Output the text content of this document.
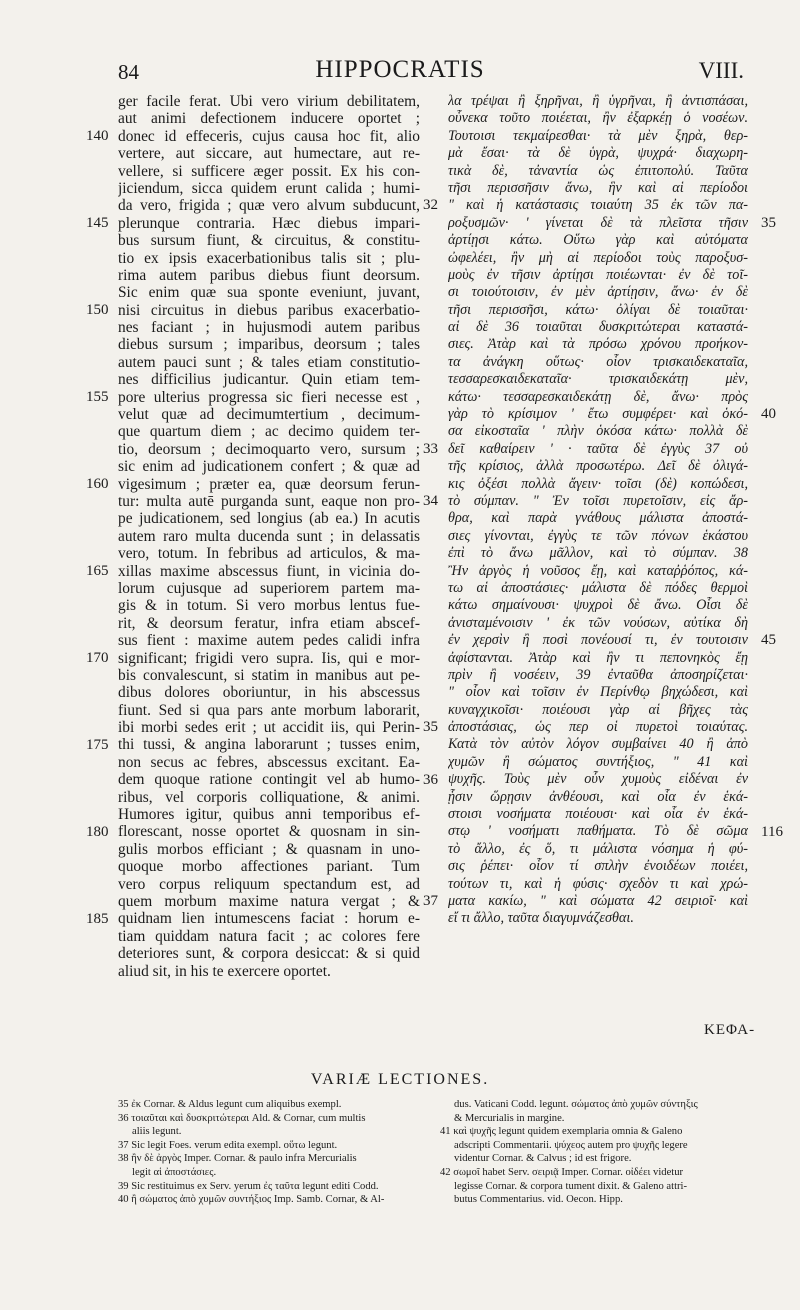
84	HIPPOCRATIS	VIII.
ger facile ferat. Ubi vero virium debilitatem,
aut animi defectionem inducere oportet ;
donec id effeceris, cujus causa hoc fit, alio
vertere, aut siccare, aut humectare, aut re-
vellere, si sufficere æger possit. Ex his con-
jiciendum, sicca quidem erunt calida ; humi-
da vero, frigida ; quæ vero alvum subducunt,
plerunque contraria. Hæc diebus impari-
bus sursum fiunt, & circuitus, & constitu-
tio ex ipsis exacerbationibus talis sit ; plu-
rima autem paribus diebus fiunt deorsum.
Sic enim quæ sua sponte eveniunt, juvant,
nisi circuitus in diebus paribus exacerbatio-
nes faciant ; in hujusmodi autem paribus
diebus sursum ; imparibus, deorsum ; tales
autem pauci sunt ; & tales etiam constitutio-
nes difficilius judicantur. Quin etiam tem-
pore ulterius progressa sic fieri necesse est ,
velut quæ ad decimumtertium , decimum-
que quartum diem ; ac decimo quidem ter-
tio, deorsum ; decimoquarto vero, sursum ;
sic enim ad judicationem confert ; & quæ ad
vigesimum ; præter ea, quæ deorsum ferun-
tur: multa autē purganda sunt, eaque non pro-
pe judicationem, sed longius (ab ea.) In acutis
autem raro multa ducenda sunt ; in delassatis
vero, totum. In febribus ad articulos, & ma-
xillas maxime abscessus fiunt, in vicinia do-
lorum cujusque ad superiorem partem ma-
gis & in totum. Si vero morbus lentus fue-
rit, & deorsum feratur, infra etiam abscef-
sus fient : maxime autem pedes calidi infra
significant; frigidi vero supra. Iis, qui e mor-
bis convalescunt, si statim in manibus aut pe-
dibus dolores oboriuntur, in his abscessus
fiunt. Sed si qua pars ante morbum laborarit,
ibi morbi sedes erit ; ut accidit iis, qui Perin-
thi tussi, & angina laborarunt ; tusses enim,
non secus ac febres, abscessus excitant. Ea-
dem quoque ratione contingit vel ab humo-
ribus, vel corporis colliquatione, & animi.
Humores igitur, quibus anni temporibus ef-
florescant, nosse oportet & quosnam in sin-
gulis morbos efficiant ; & quasnam in uno-
quoque morbo affectiones pariant. Tum
vero corpus reliquum spectandum est, ad
quem morbum maxime natura vergat ; &
quidnam lien intumescens faciat : horum e-
tiam quiddam natura facit ; ac colores fere
deteriores sunt, & corpora desiccat: & si quid
aliud sit, in his te exercere oportet.
140
145
150
155
160
165
170
175
180
185
λα τρέψαι ἢ ξηρῆναι, ἢ ὑγρῆναι, ἢ ἀντισπάσαι,
οὗνεκα τοῦτο ποιέεται, ἢν ἐξαρκέῃ ὁ νοσέων.
Τουτοισι τεκμαίρεσθαι· τὰ μὲν ξηρὰ, θερ-
μὰ ἔσαι· τὰ δὲ ὑγρὰ, ψυχρά· διαχωρη-
τικὰ δὲ, τἀναντία ὡς ἐπιτοπολύ. Ταῦτα
τῆσι περισσῆσιν ἄνω, ἣν καὶ αἱ περίοδοι
" καὶ ἡ κατάστασις τοιαύτη 35 ἐκ τῶν πα-
ροξυσμῶν· ' γίνεται δὲ τὰ πλεῖστα τῆσιν
ἀρτίῃσι κάτω. Οὕτω γὰρ καὶ αὐτόματα
ὠφελέει, ἢν μὴ αἱ περίοδοι τοὺς παροξυσ-
μοὺς ἐν τῆσιν ἀρτίῃσι ποιέωνται· ἐν δὲ τοῖ-
σι τοιούτοισιν, ἐν μὲν ἀρτίῃσιν, ἄνω· ἐν δὲ
τῆσι περισσῆσι, κάτω· ὀλίγαι δὲ τοιαῦται·
αἱ δὲ 36 τοιαῦται δυσκριτώτεραι καταστά-
σιες. Ἀτὰρ καὶ τὰ πρόσω χρόνου προήκον-
τα ἀνάγκη οὕτως· οἷον τρισκαιδεκαταῖα,
τεσσαρεσκαιδεκαταῖα· τρισκαιδεκάτῃ μὲν,
κάτω· τεσσαρεσκαιδεκάτῃ δὲ, ἄνω· πρὸς
γὰρ τὸ κρίσιμον ' ἔτω συμφέρει· καὶ ὁκό-
σα εἰκοσταῖα ' πλὴν ὁκόσα κάτω· πολλὰ δὲ
δεῖ καθαίρειν ' · ταῦτα δὲ ἐγγὺς 37 οὐ
τῆς κρίσιος, ἀλλὰ προσωτέρω. Δεῖ δὲ ὀλιγά-
κις ὀξέσι πολλὰ ἄγειν· τοῖσι (δὲ) κοπώδεσι,
τὸ σύμπαν. " Ἐν τοῖσι πυρετοῖσιν, εἰς ἄρ-
θρα, καὶ παρὰ γνάθους μάλιστα ἀποστά-
σιες γίνονται, ἐγγὺς τε τῶν πόνων ἑκάστου
ἐπὶ τὸ ἄνω μᾶλλον, καὶ τὸ σύμπαν. 38
Ἢν ἀργὸς ἡ νοῦσος ἔῃ, καὶ καταῤῥόπος, κά-
τω αἱ ἀποστάσιες· μάλιστα δὲ πόδες θερμοὶ
κάτω σημαίνουσι· ψυχροὶ δὲ ἄνω. Οἷσι δὲ
ἀνισταμένοισιν ' ἐκ τῶν νούσων, αὐτίκα δὴ
ἐν χερσὶν ἢ ποσὶ πονέουσί τι, ἐν τουτοισιν
ἀφίστανται. Ἀτὰρ καὶ ἢν τι πεπονηκὸς ἔῃ
πρὶν ἢ νοσέειν, 39 ἐνταῦθα ἀποσηρίζεται·
" οἷον καὶ τοῖσιν ἐν Περίνθῳ βηχώδεσι, καὶ
κυναγχικοῖσι· ποιέουσι γὰρ αἱ βῆχες τὰς
ἀποστάσιας, ὡς περ οἱ πυρετοὶ τοιαύτας.
Κατὰ τὸν αὐτὸν λόγον συμβαίνει 40 ἢ ἀπὸ
χυμῶν ἢ σώματος συντήξιος, " 41 καὶ
ψυχῆς. Τοὺς μὲν οὖν χυμοὺς εἰδέναι ἐν
ᾗσιν ὥρῃσιν ἀνθέουσι, καὶ οἷα ἐν ἑκά-
στοισι νοσήματα ποιέουσι· καὶ οἷα ἐν ἑκά-
στῳ ' νοσήματι παθήματα. Τὸ δὲ σῶμα
τὸ ἄλλο, ἐς ὅ, τι μάλιστα νόσημα ἡ φύ-
σις ῥέπει· οἷον τί σπλὴν ἐνοιδέων ποιέει,
τούτων τι, καὶ ἡ φύσις· σχεδὸν τι καὶ χρώ-
ματα κακίω, " καὶ σώματα 42 σειριοῖ· καὶ
εἴ τι ἄλλο, ταῦτα διαγυμνάζεσθαι.
32
33
34
35
36
37
35
40
45
116
ΚΕΦΑ-
VARIÆ LECTIONES.
35 ἐκ Cornar. & Aldus legunt cum aliquibus exempl.
36 τοιαῦται καὶ δυσκριτώτεραι Ald. & Cornar, cum multis
aliis legunt.
37 Sic legit Foes. verum edita exempl. οὕτω legunt.
38 ἢν δὲ ἀργὸς Imper. Cornar. & paulo infra Mercurialis
legit αἱ ἀποστάσιες.
39 Sic restituimus ex Serv. yerum ἐς ταῦτα legunt editi Codd.
40 ἢ σώματος ἀπὸ χυμῶν συντήξιος Imp. Samb. Cornar, & Al-
dus. Vaticani Codd. legunt. σώματος ἀπὸ χυμῶν σύντηξις
& Mercurialis in margine.
41 καὶ ψυχῆς legunt quidem exemplaria omnia & Galeno
adscripti Commentarii. ψύχεος autem pro ψυχῆς legere
videntur Cornar. & Calvus ; id est frigore.
42 σωμοῖ habet Serv. σειριᾷ Imper. Cornar. οἰδέει videtur
legisse Cornar. & corpora tument dixit. & Galeno attri-
butus Commentarius. vid. Oecon. Hipp.
